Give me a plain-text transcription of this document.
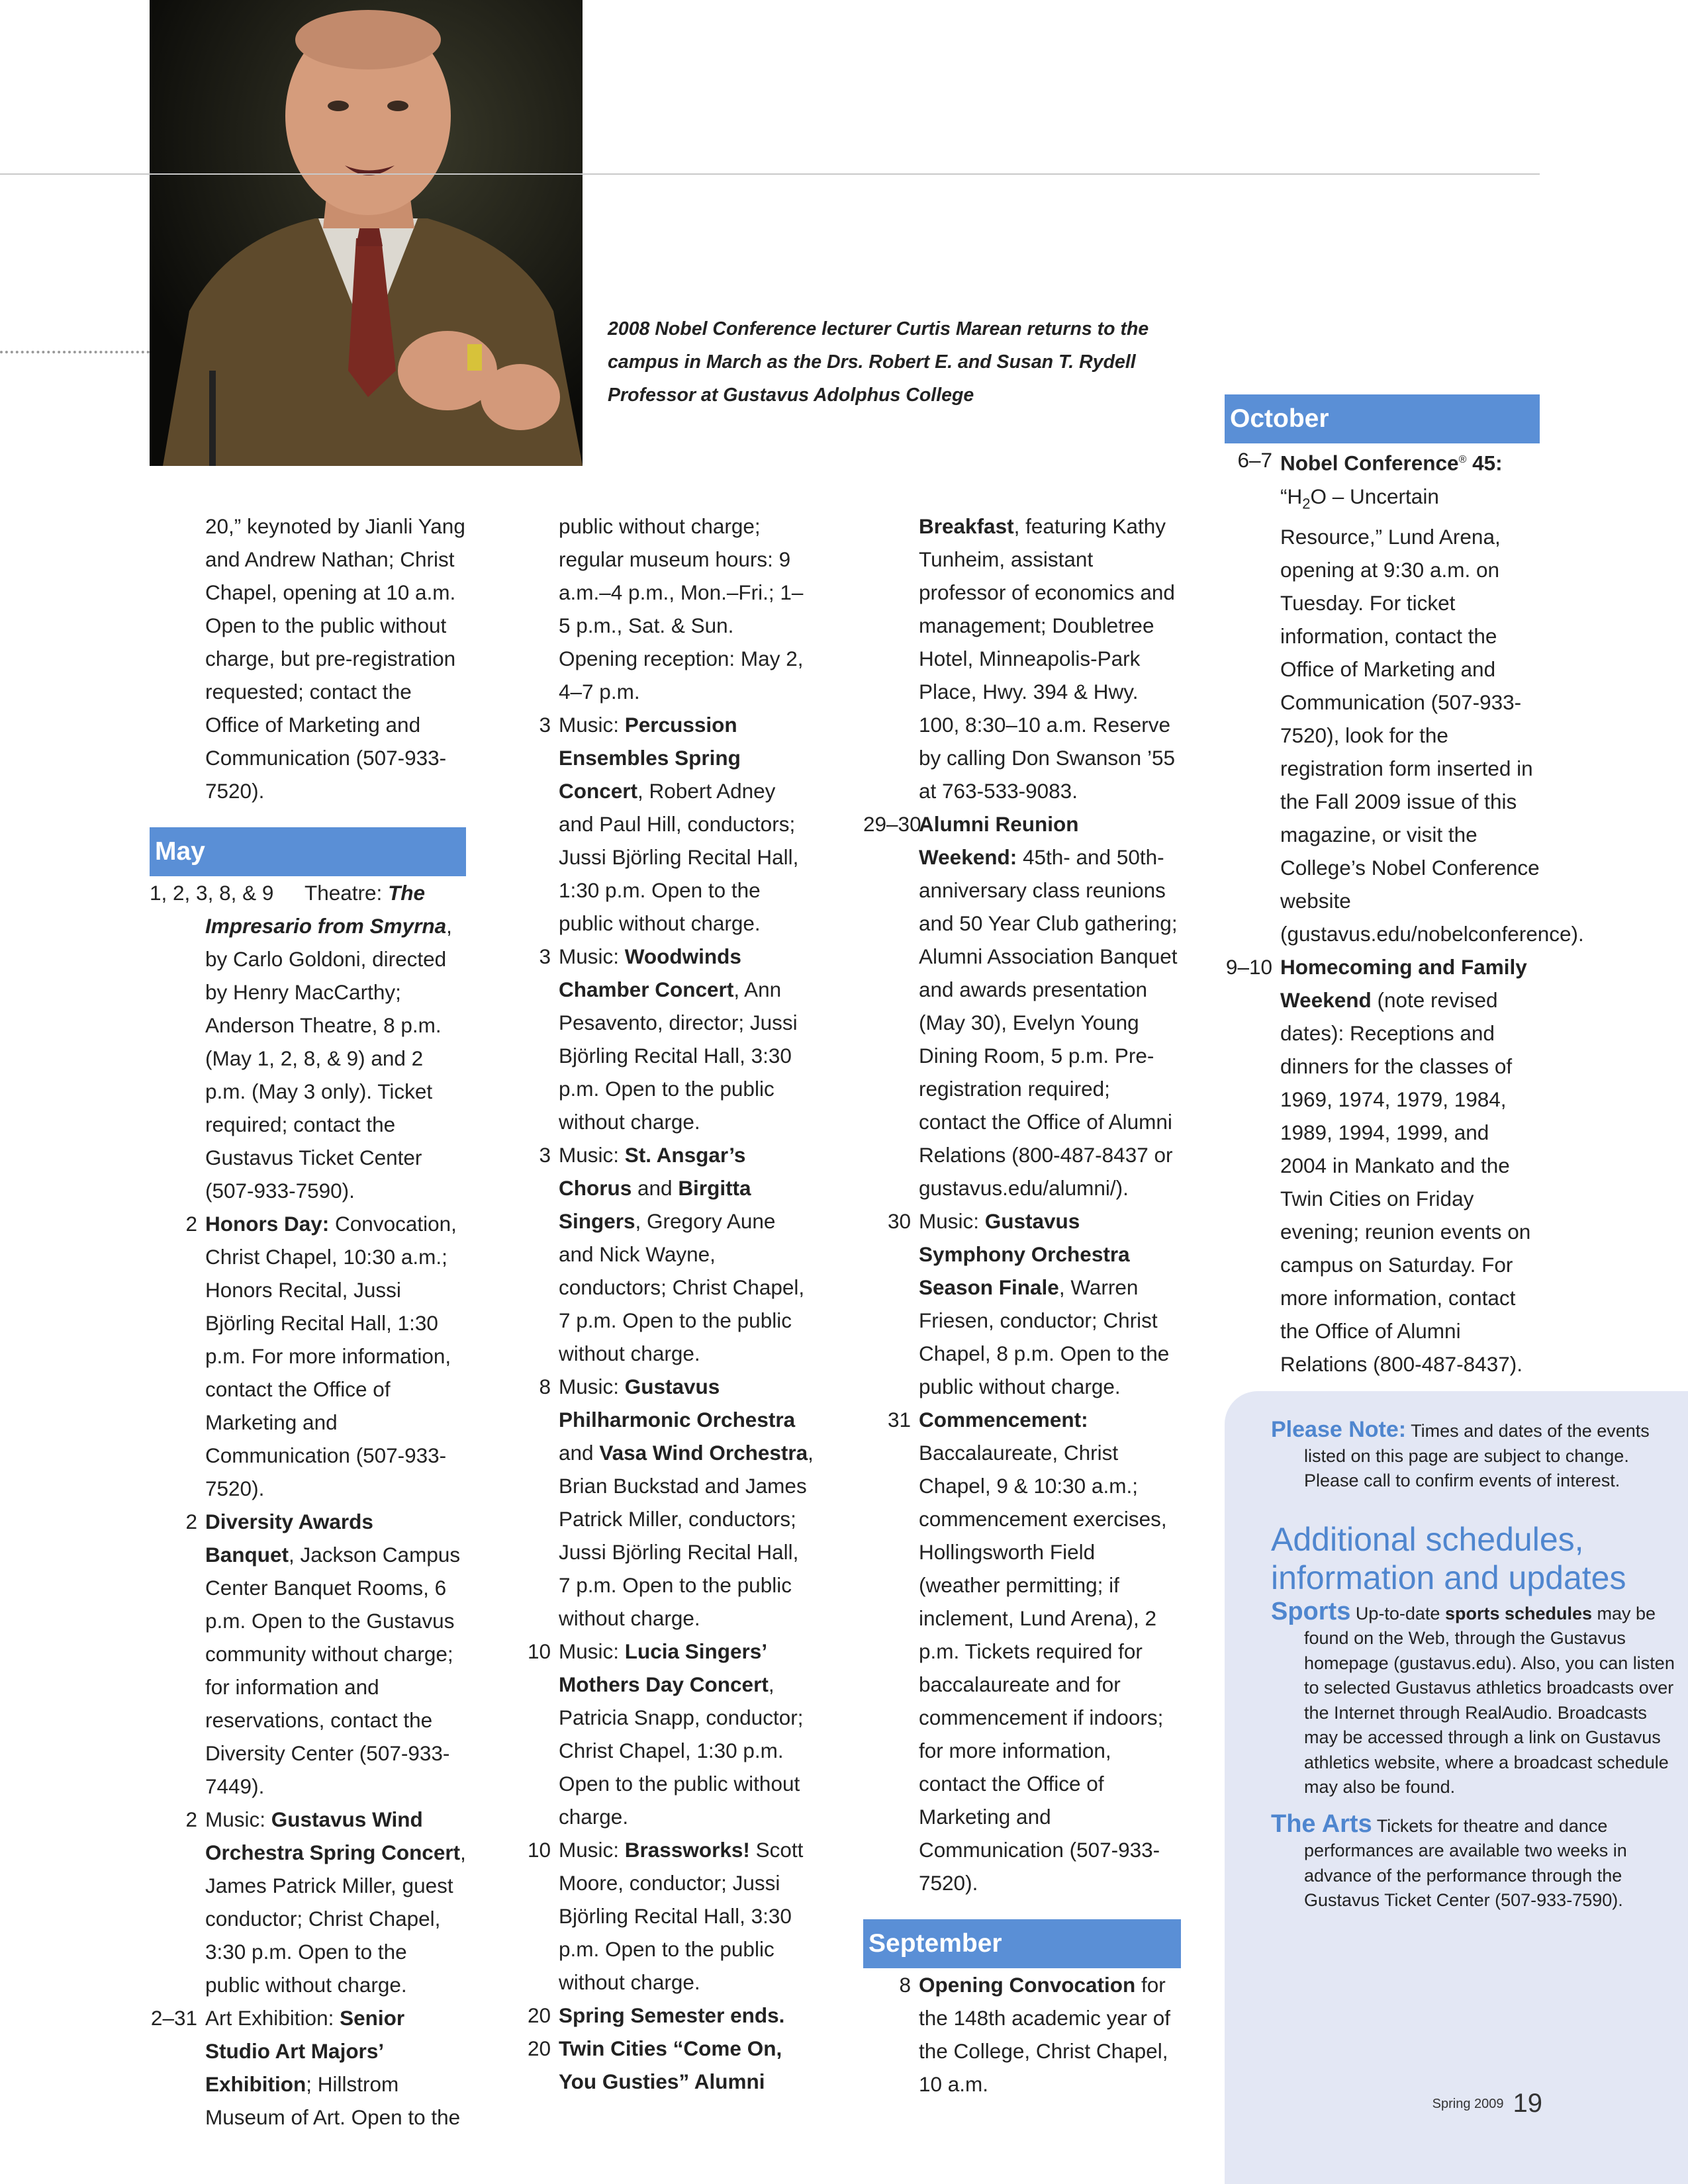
2008 Nobel Conference lecturer Curtis Marean returns to the campus in March as the Drs. Robert E. and Susan T. Rydell Professor at Gustavus Adolphus College

20,” keynoted by Jianli Yang and Andrew Nathan; Christ Chapel, opening at 10 a.m. Open to the public without charge, but pre-registration requested; contact the Office of Marketing and Communication (507-933-7520).

May
1, 2, 3, 8, & 9 Theatre: The Impresario from Smyrna, by Carlo Goldoni, directed by Henry MacCarthy; Anderson Theatre, 8 p.m. (May 1, 2, 8, & 9) and 2 p.m. (May 3 only). Ticket required; contact the Gustavus Ticket Center (507-933-7590).
2 Honors Day: Convocation, Christ Chapel, 10:30 a.m.; Honors Recital, Jussi Björling Recital Hall, 1:30 p.m. For more information, contact the Office of Marketing and Communication (507-933-7520).
2 Diversity Awards Banquet, Jackson Campus Center Banquet Rooms, 6 p.m. Open to the Gustavus community without charge; for information and reservations, contact the Diversity Center (507-933-7449).
2 Music: Gustavus Wind Orchestra Spring Concert, James Patrick Miller, guest conductor; Christ Chapel, 3:30 p.m. Open to the public without charge.
2–31 Art Exhibition: Senior Studio Art Majors’ Exhibition; Hillstrom Museum of Art. Open to the

public without charge; regular museum hours: 9 a.m.–4 p.m., Mon.–Fri.; 1–5 p.m., Sat. & Sun. Opening reception: May 2, 4–7 p.m.

3 Music: Percussion Ensembles Spring Concert, Robert Adney and Paul Hill, conductors; Jussi Björling Recital Hall, 1:30 p.m. Open to the public without charge.
3 Music: Woodwinds Chamber Concert, Ann Pesavento, director; Jussi Björling Recital Hall, 3:30 p.m. Open to the public without charge.
3 Music: St. Ansgar’s Chorus and Birgitta Singers, Gregory Aune and Nick Wayne, conductors; Christ Chapel, 7 p.m. Open to the public without charge.
8 Music: Gustavus Philharmonic Orchestra and Vasa Wind Orchestra, Brian Buckstad and James Patrick Miller, conductors; Jussi Björling Recital Hall, 7 p.m. Open to the public without charge.
10 Music: Lucia Singers’ Mothers Day Concert, Patricia Snapp, conductor; Christ Chapel, 1:30 p.m. Open to the public without charge.
10 Music: Brassworks! Scott Moore, conductor; Jussi Björling Recital Hall, 3:30 p.m. Open to the public without charge.
20 Spring Semester ends.
20 Twin Cities “Come On, You Gusties” Alumni

Breakfast, featuring Kathy Tunheim, assistant professor of economics and management; Doubletree Hotel, Minneapolis-Park Place, Hwy. 394 & Hwy. 100, 8:30–10 a.m. Reserve by calling Don Swanson ’55 at 763-533-9083.

29–30
Alumni Reunion Weekend: 45th- and 50th-anniversary class reunions and 50 Year Club gathering; Alumni Association Banquet and awards presentation (May 30), Evelyn Young Dining Room, 5 p.m. Pre-registration required; contact the Office of Alumni Relations (800-487-8437 or gustavus.edu/alumni/).
30 Music: Gustavus Symphony Orchestra Season Finale, Warren Friesen, conductor; Christ Chapel, 8 p.m. Open to the public without charge.
31 Commencement: Baccalaureate, Christ Chapel, 9 & 10:30 a.m.; commencement exercises, Hollingsworth Field (weather permitting; if inclement, Lund Arena), 2 p.m. Tickets required for baccalaureate and for commencement if indoors; for more information, contact the Office of Marketing and Communication (507-933-7520).
September
8 Opening Convocation for the 148th academic year of the College, Christ Chapel, 10 a.m.
October
6–7 Nobel Conference® 45: “$H_2O$ – Uncertain Resource,” Lund Arena, opening at 9:30 a.m. on Tuesday. For ticket information, contact the Office of Marketing and Communication (507-933-7520), look for the registration form inserted in the Fall 2009 issue of this magazine, or visit the College’s Nobel Conference website (gustavus.edu/nobelconference).
9–10 Homecoming and Family Weekend (note revised dates): Receptions and dinners for the classes of 1969, 1974, 1979, 1984, 1989, 1994, 1999, and 2004 in Mankato and the Twin Cities on Friday evening; reunion events on campus on Saturday. For more information, contact the Office of Alumni Relations (800-487-8437).

Please Note: Times and dates of the events listed on this page are subject to change. Please call to confirm events of interest.

Additional schedules, information and updates

Sports Up-to-date sports schedules may be found on the Web, through the Gustavus homepage (gustavus.edu). Also, you can listen to selected Gustavus athletics broadcasts over the Internet through RealAudio. Broadcasts may be accessed through a link on Gustavus athletics website, where a broadcast schedule may also be found.

The Arts Tickets for theatre and dance performances are available two weeks in advance of the performance through the Gustavus Ticket Center (507-933-7590).

Spring 2009 19
